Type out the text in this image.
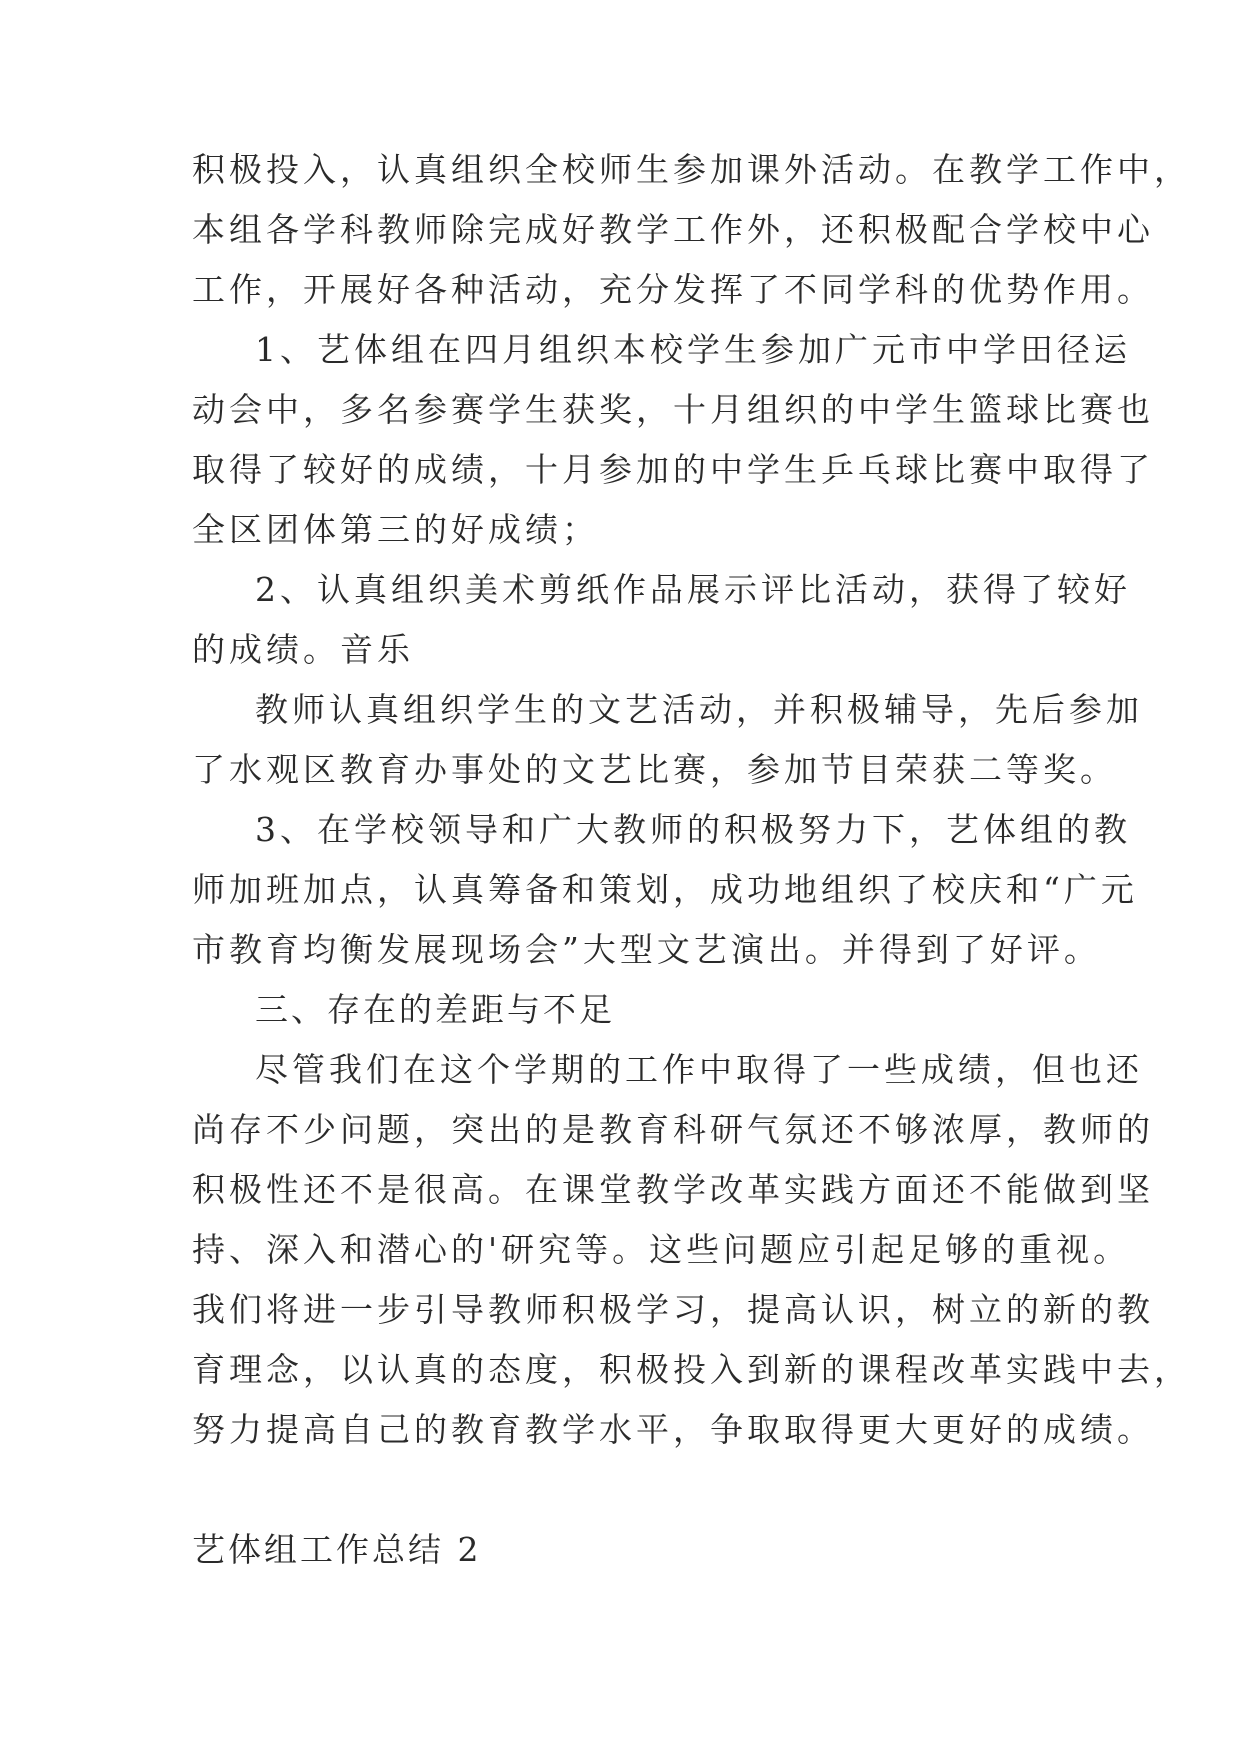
积极投入，认真组织全校师生参加课外活动。在教学工作中，
本组各学科教师除完成好教学工作外，还积极配合学校中心
工作，开展好各种活动，充分发挥了不同学科的优势作用。
1、艺体组在四月组织本校学生参加广元市中学田径运
动会中，多名参赛学生获奖，十月组织的中学生篮球比赛也
取得了较好的成绩，十月参加的中学生乒乓球比赛中取得了
全区团体第三的好成绩；
2、认真组织美术剪纸作品展示评比活动，获得了较好
的成绩。音乐
教师认真组织学生的文艺活动，并积极辅导，先后参加
了水观区教育办事处的文艺比赛，参加节目荣获二等奖。
3、在学校领导和广大教师的积极努力下，艺体组的教
师加班加点，认真筹备和策划，成功地组织了校庆和“广元
市教育均衡发展现场会”大型文艺演出。并得到了好评。
三、存在的差距与不足
尽管我们在这个学期的工作中取得了一些成绩，但也还
尚存不少问题，突出的是教育科研气氛还不够浓厚，教师的
积极性还不是很高。在课堂教学改革实践方面还不能做到坚
持、深入和潜心的'研究等。这些问题应引起足够的重视。
我们将进一步引导教师积极学习，提高认识，树立的新的教
育理念，以认真的态度，积极投入到新的课程改革实践中去，
努力提高自己的教育教学水平，争取取得更大更好的成绩。
艺体组工作总结 2
